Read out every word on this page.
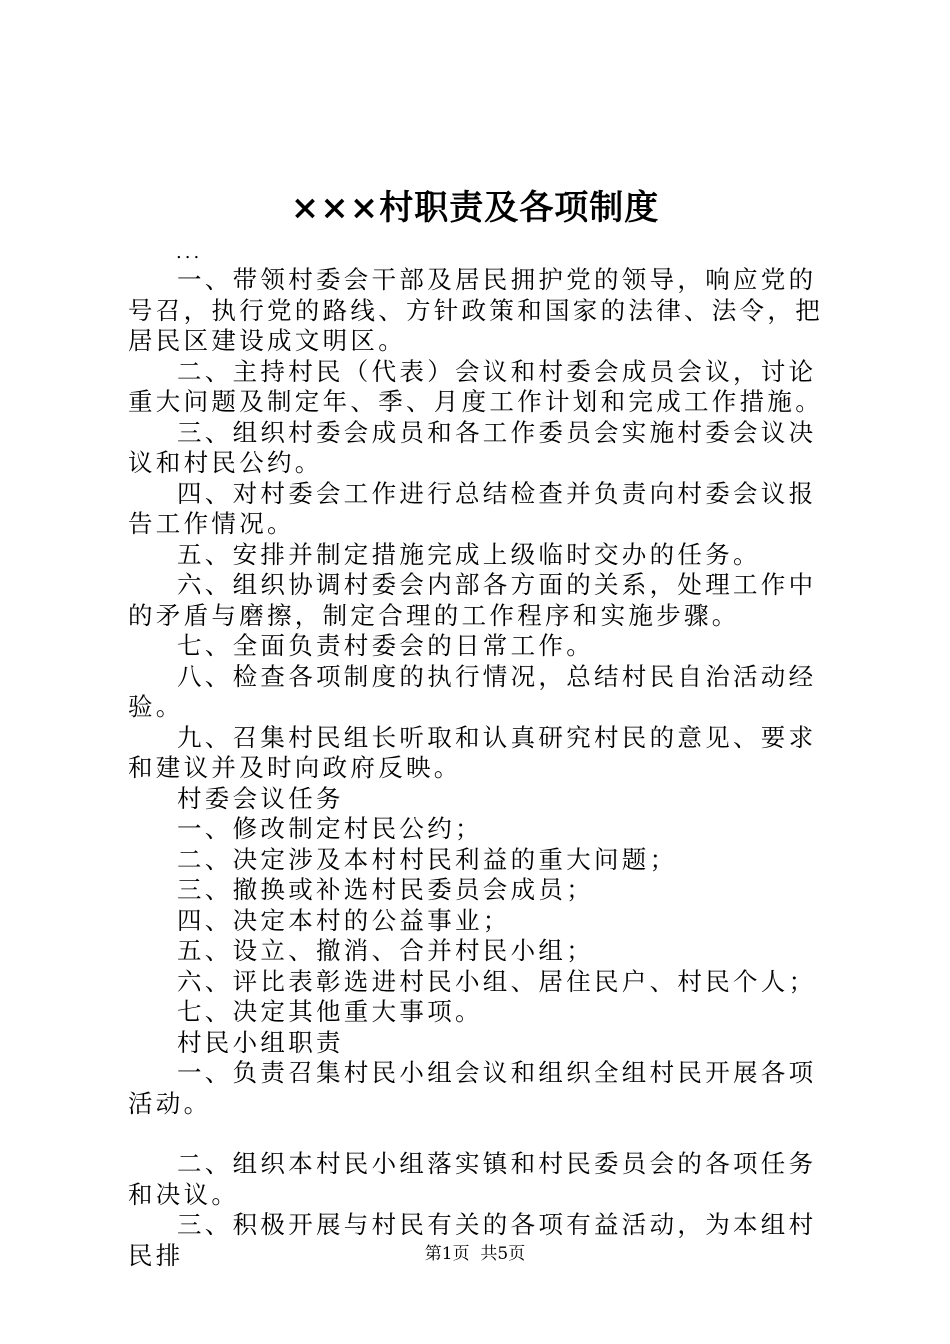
×××村职责及各项制度
...

一、带领村委会干部及居民拥护党的领导，响应党的号召，执行党的路线、方针政策和国家的法律、法令，把居民区建设成文明区。

二、主持村民（代表）会议和村委会成员会议，讨论重大问题及制定年、季、月度工作计划和完成工作措施。

三、组织村委会成员和各工作委员会实施村委会议决议和村民公约。

四、对村委会工作进行总结检查并负责向村委会议报告工作情况。

五、安排并制定措施完成上级临时交办的任务。

六、组织协调村委会内部各方面的关系，处理工作中的矛盾与磨擦，制定合理的工作程序和实施步骤。

七、全面负责村委会的日常工作。

八、检查各项制度的执行情况，总结村民自治活动经验。

九、召集村民组长听取和认真研究村民的意见、要求和建议并及时向政府反映。

村委会议任务

一、修改制定村民公约；

二、决定涉及本村村民利益的重大问题；

三、撤换或补选村民委员会成员；

四、决定本村的公益事业；

五、设立、撤消、合并村民小组；

六、评比表彰选进村民小组、居住民户、村民个人；

七、决定其他重大事项。

村民小组职责

一、负责召集村民小组会议和组织全组村民开展各项活动。

二、组织本村民小组落实镇和村民委员会的各项任务和决议。

三、积极开展与村民有关的各项有益活动，为本组村民排	第1页 共5页
